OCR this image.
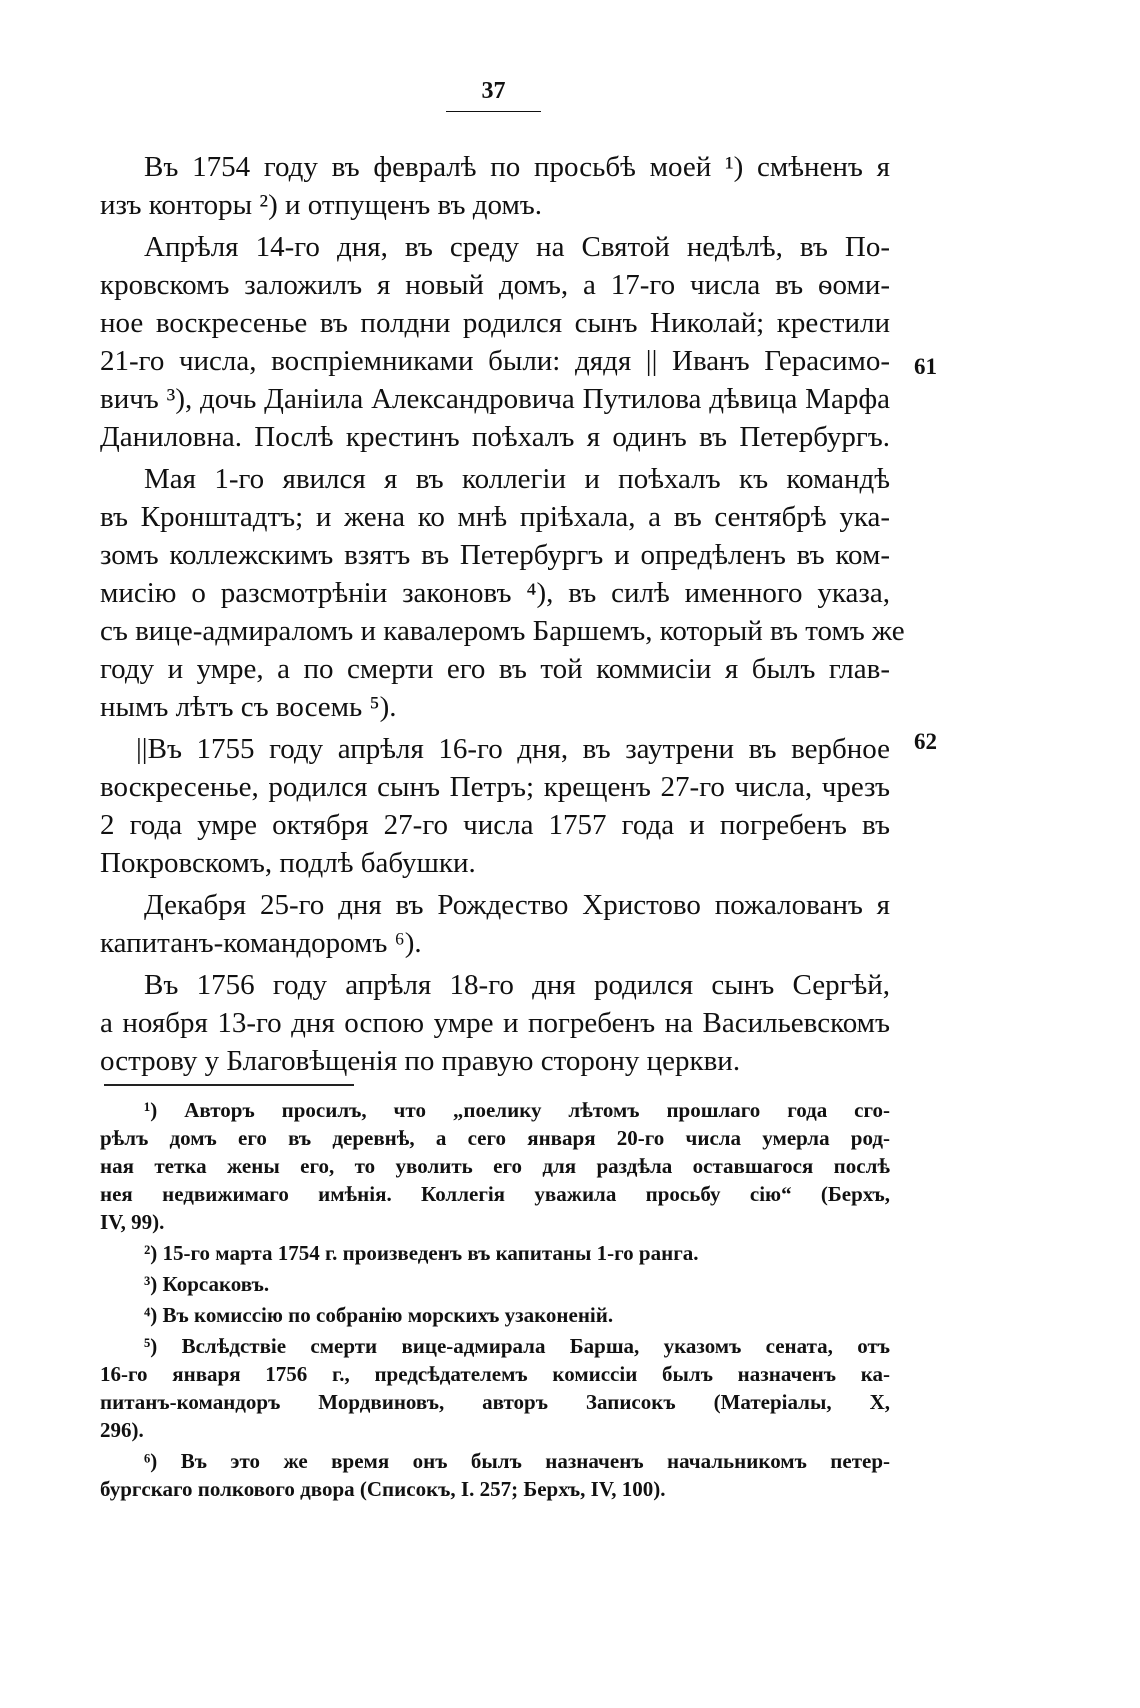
37
Въ 1754 году въ февралѣ по просьбѣ моей ¹) смѣненъ я
изъ конторы ²) и отпущенъ въ домъ.
Апрѣля 14-го дня, въ среду на Святой недѣлѣ, въ По-
кровскомъ заложилъ я новый домъ, а 17-го числа въ ѳоми-
ное воскресенье въ полдни родился сынъ Николай; крестили
21-го числа, воспріемниками были: дядя || Иванъ Герасимо-
вичъ ³), дочь Даніила Александровича Путилова дѣвица Марфа
Даниловна. Послѣ крестинъ поѣхалъ я одинъ въ Петербургъ.
Мая 1-го явился я въ коллегіи и поѣхалъ къ командѣ
въ Кронштадтъ; и жена ко мнѣ пріѣхала, а въ сентябрѣ ука-
зомъ коллежскимъ взятъ въ Петербургъ и опредѣленъ въ ком-
мисію о разсмотрѣніи законовъ ⁴), въ силѣ именного указа,
съ вице-адмираломъ и кавалеромъ Баршемъ, который въ томъ же
году и умре, а по смерти его въ той коммисіи я былъ глав-
нымъ лѣтъ съ восемь ⁵).
||Въ 1755 году апрѣля 16-го дня, въ заутрени въ вербное
воскресенье, родился сынъ Петръ; крещенъ 27-го числа, чрезъ
2 года умре октября 27-го числа 1757 года и погребенъ въ
Покровскомъ, подлѣ бабушки.
Декабря 25-го дня въ Рождество Христово пожалованъ я
капитанъ-командоромъ ⁶).
Въ 1756 году апрѣля 18-го дня родился сынъ Сергѣй,
а ноября 13-го дня оспою умре и погребенъ на Васильевскомъ
острову у Благовѣщенія по правую сторону церкви.
61
62
¹) Авторъ просилъ, что „поелику лѣтомъ прошлаго года сго-
рѣлъ домъ его въ деревнѣ, а сего января 20-го числа умерла род-
ная тетка жены его, то уволить его для раздѣла оставшагося послѣ
нея недвижимаго имѣнія. Коллегія уважила просьбу сію“ (Берхъ,
IV, 99).
²) 15-го марта 1754 г. произведенъ въ капитаны 1-го ранга.
³) Корсаковъ.
⁴) Въ комиссію по собранію морскихъ узаконеній.
⁵) Вслѣдствіе смерти вице-адмирала Барша, указомъ сената, отъ
16-го января 1756 г., предсѣдателемъ комиссіи былъ назначенъ ка-
питанъ-командоръ Мордвиновъ, авторъ Записокъ (Матеріалы, X,
296).
⁶) Въ это же время онъ былъ назначенъ начальникомъ петер-
бургскаго полкового двора (Списокъ, I. 257; Берхъ, IV, 100).
